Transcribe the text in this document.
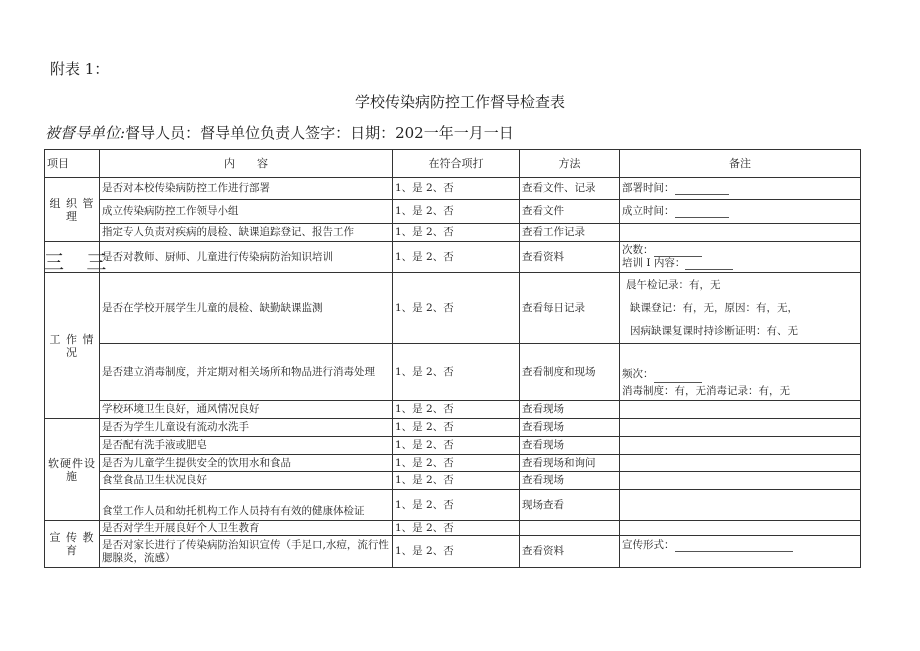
附表 1：
学校传染病防控工作督导检查表
被督导单位:督导人员：督导单位负责人签字：日期：202一年一月一日
三 三
项目	内　　容	在符合项打	方法	备注
组 织 管 理	是否对本校传染病防控工作进行部署	1、是 2、否	查看文件、记录	部署时间：
	成立传染病防控工作领导小组	1、是 2、否	查看文件	成立时间：
	指定专人负责对疾病的晨检、缺课追踪登记、报告工作	1、是 2、否	查看工作记录	
	是否对教师、厨师、儿童进行传染病防治知识培训	1、是 2、否	查看资料	次数：
培训 I 内容：

工 作 情 况	是否在学校开展学生儿童的晨检、缺勤缺课监测	1、是 2、否	查看每日记录	晨午检记录：有，无
缺课登记：有，无，原因：有，无，
因病缺课复课时持诊断证明：有、无

	是否建立消毒制度，并定期对相关场所和物品进行消毒处理	1、是 2、否	查看制度和现场	频次：
消毒制度：有，无消毒记录：有，无

	学校环境卫生良好，通风情况良好	1、是 2、否	查看现场	
软硬件设 施	是否为学生儿童设有流动水洗手	1、是 2、否	查看现场	
	是否配有洗手液或肥皂	1、是 2、否	查看现场	
	是否为儿童学生提供安全的饮用水和食品	1、是 2、否	查看现场和询问	
	食堂食品卫生状况良好	1、是 2、否	查看现场	
	食堂工作人员和幼托机构工作人员持有有效的健康体检证	1、是 2、否	现场查看	
宣 传 教 育	是否对学生开展良好个人卫生教育	1、是 2、否		
	是否对家长进行了传染病防治知识宣传（手足口,水痘，流行性腮腺炎，流感）	1、是 2、否	查看资料	宣传形式：
